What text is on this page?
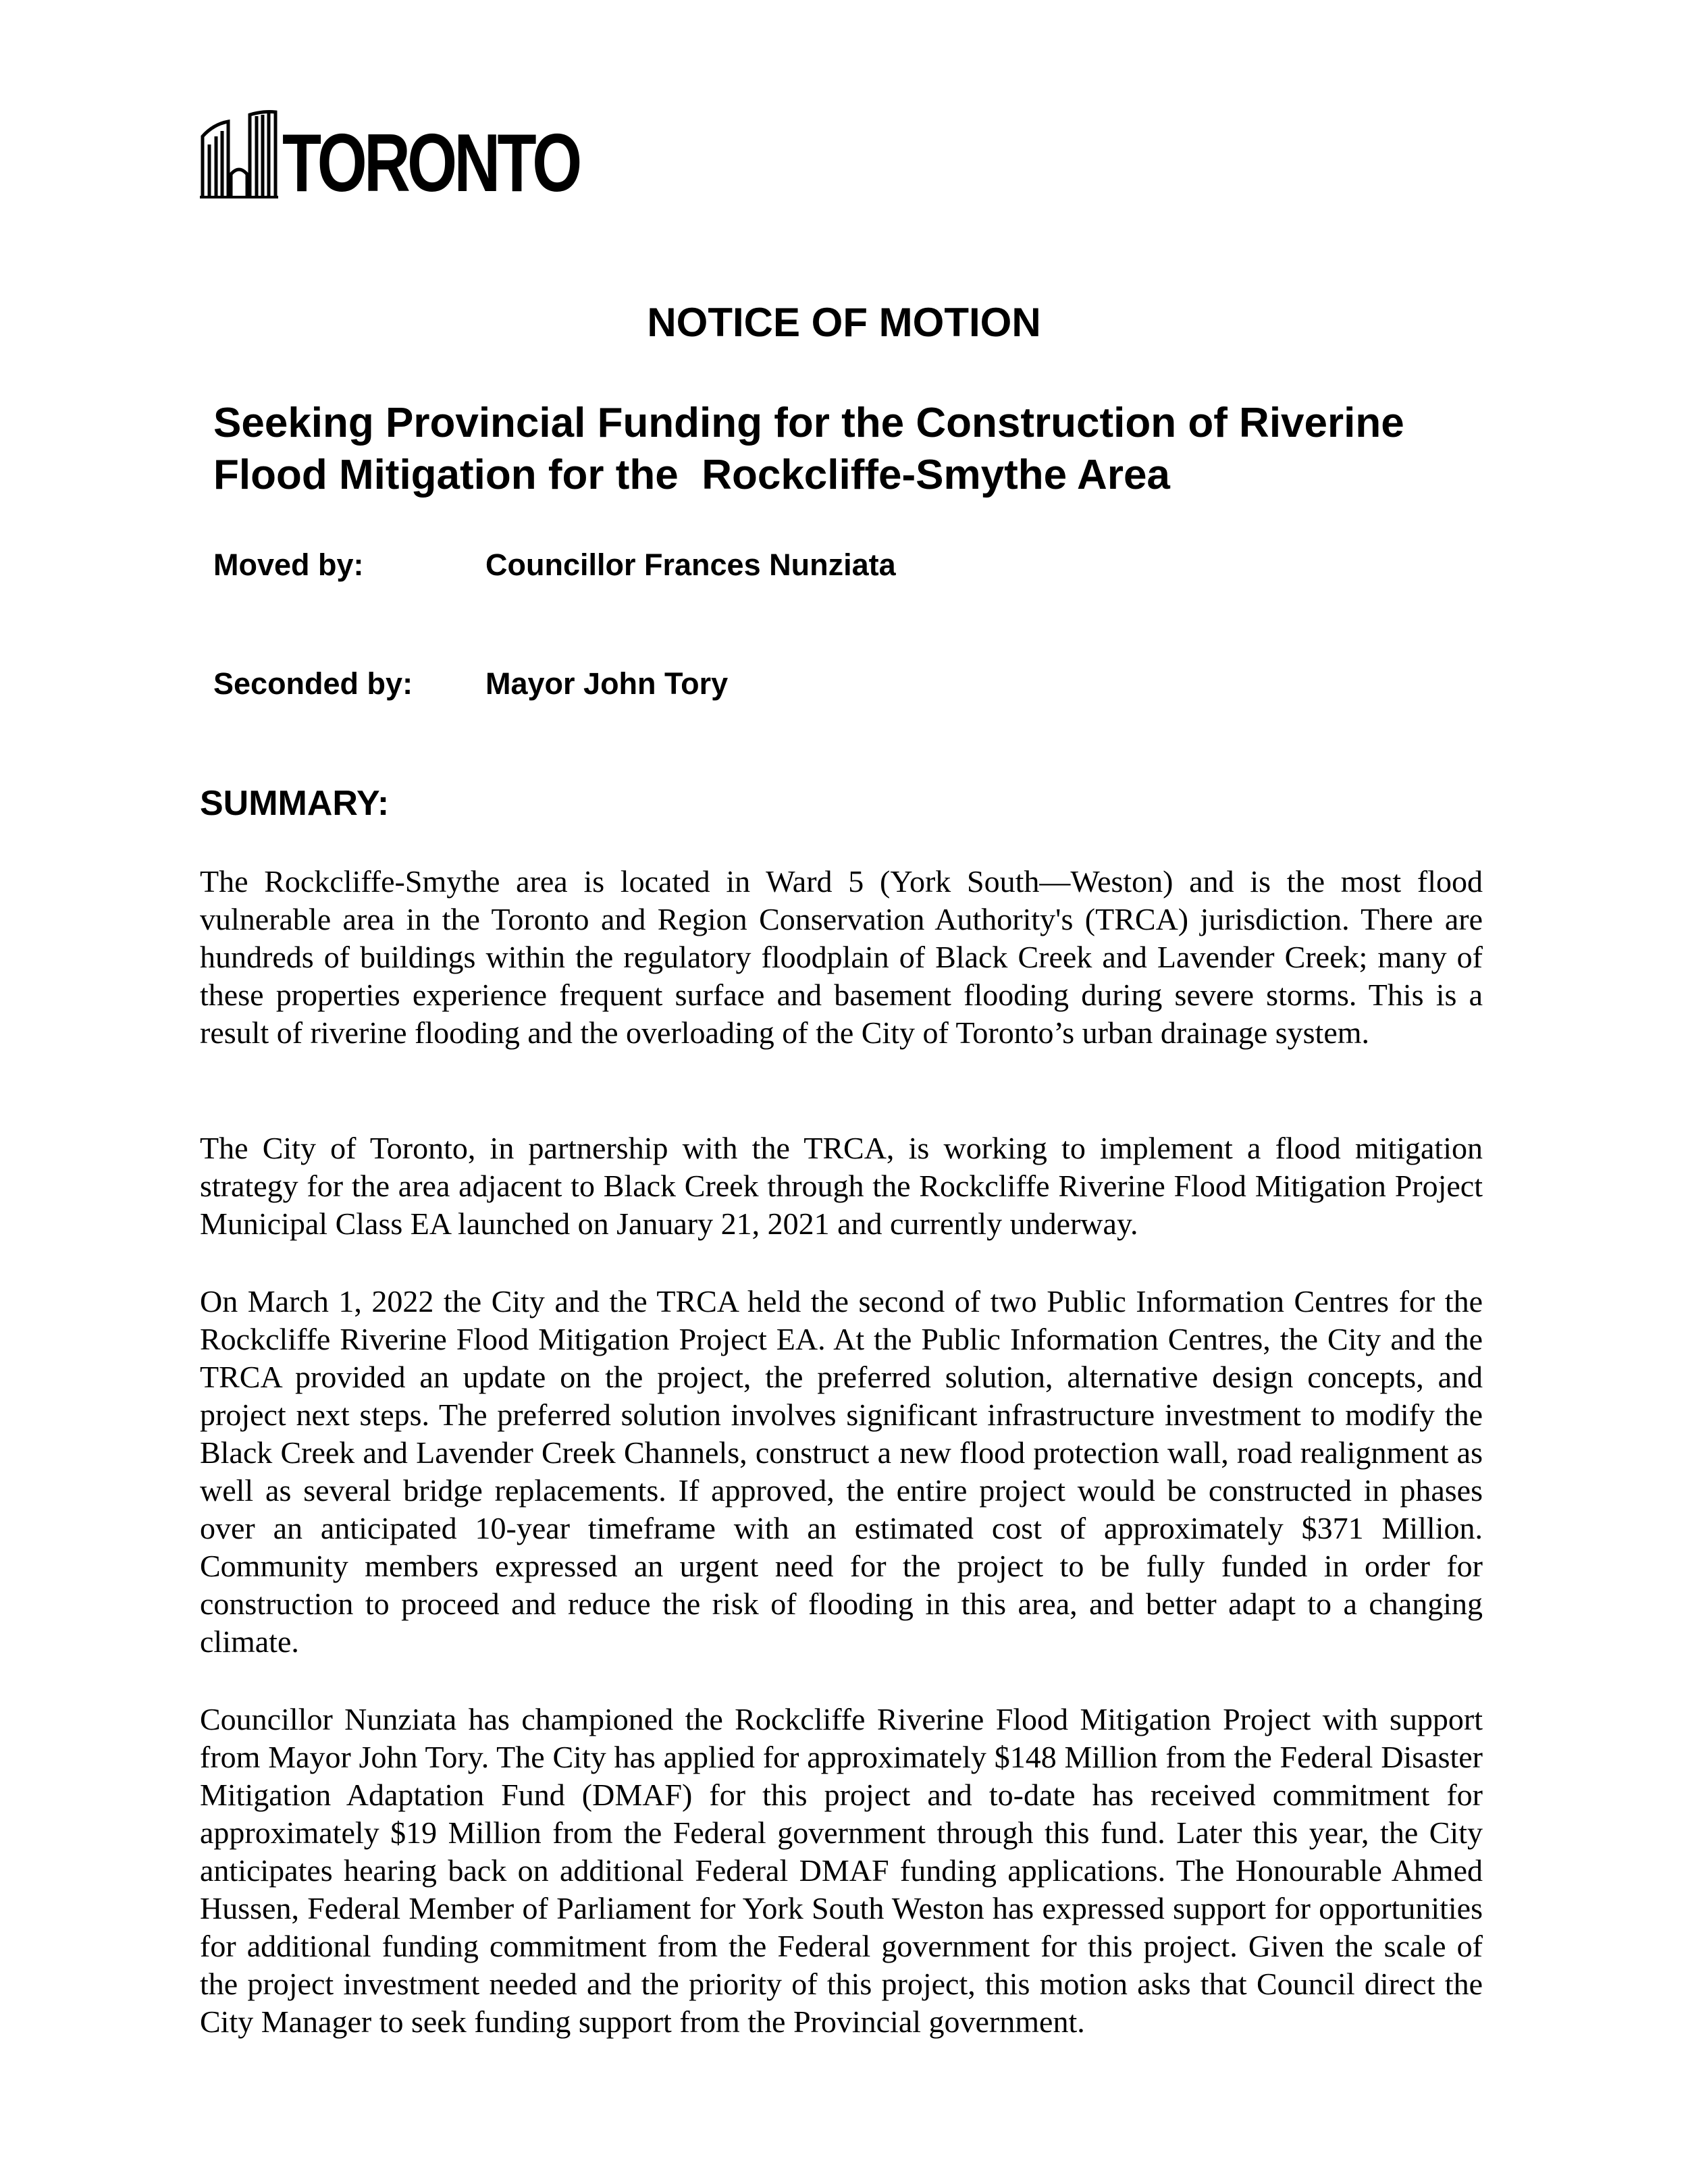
TORONTO
NOTICE OF MOTION
Seeking Provincial Funding for the Construction of Riverine
Flood Mitigation for the  Rockcliffe-Smythe Area
Moved by:	Councillor Frances Nunziata
Seconded by: Mayor John Tory
SUMMARY:

The Rockcliffe-Smythe area is located in Ward 5 (York South—Weston) and is the most flood vulnerable area in the Toronto and Region Conservation Authority's (TRCA) jurisdiction. There are hundreds of buildings within the regulatory floodplain of Black Creek and Lavender Creek; many of these properties experience frequent surface and basement flooding during severe storms. This is a result of riverine flooding and the overloading of the City of Toronto’s urban drainage system.

The City of Toronto, in partnership with the TRCA, is working to implement a flood mitigation strategy for the area adjacent to Black Creek through the Rockcliffe Riverine Flood Mitigation Project Municipal Class EA launched on January 21, 2021 and currently underway.

On March 1, 2022 the City and the TRCA held the second of two Public Information Centres for the Rockcliffe Riverine Flood Mitigation Project EA. At the Public Information Centres, the City and the TRCA provided an update on the project, the preferred solution, alternative design concepts, and project next steps. The preferred solution involves significant infrastructure investment to modify the Black Creek and Lavender Creek Channels, construct a new flood protection wall, road realignment as well as several bridge replacements. If approved, the entire project would be constructed in phases over an anticipated 10-year timeframe with an estimated cost of approximately $371 Million. Community members expressed an urgent need for the project to be fully funded in order for construction to proceed and reduce the risk of flooding in this area, and better adapt to a changing climate.

Councillor Nunziata has championed the Rockcliffe Riverine Flood Mitigation Project with support from Mayor John Tory. The City has applied for approximately $148 Million from the Federal Disaster Mitigation Adaptation Fund (DMAF) for this project and to-date has received commitment for approximately $19 Million from the Federal government through this fund. Later this year, the City anticipates hearing back on additional Federal DMAF funding applications. The Honourable Ahmed Hussen, Federal Member of Parliament for York South Weston has expressed support for opportunities for additional funding commitment from the Federal government for this project. Given the scale of the project investment needed and the priority of this project, this motion asks that Council direct the City Manager to seek funding support from the Provincial government.
